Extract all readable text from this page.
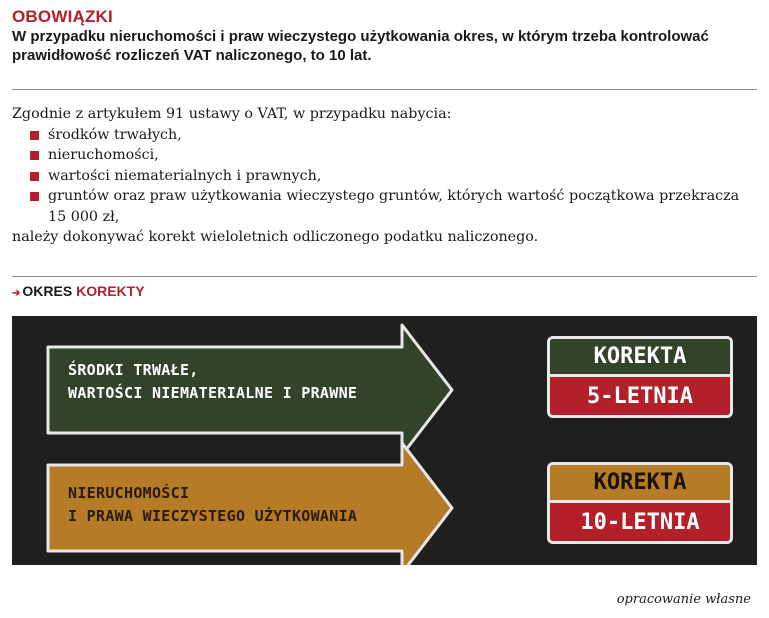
OBOWIĄZKI
W przypadku nieruchomości i praw wieczystego użytkowania okres, w którym trzeba kontrolować prawidłowość rozliczeń VAT naliczonego, to 10 lat.
Zgodnie z artykułem 91 ustawy o VAT, w przypadku nabycia:
środków trwałych,
nieruchomości,
wartości niematerialnych i prawnych,
gruntów oraz praw użytkowania wieczystego gruntów, których wartość początkowa przekracza 15 000 zł,
należy dokonywać korekt wieloletnich odliczonego podatku naliczonego.
➔ OKRES KOREKTY
ŚRODKI TRWAŁE,
WARTOŚCI NIEMATERIALNE I PRAWNE
NIERUCHOMOŚCI
I PRAWA WIECZYSTEGO UŻYTKOWANIA
KOREKTA
5-LETNIA
KOREKTA
10-LETNIA
opracowanie własne
